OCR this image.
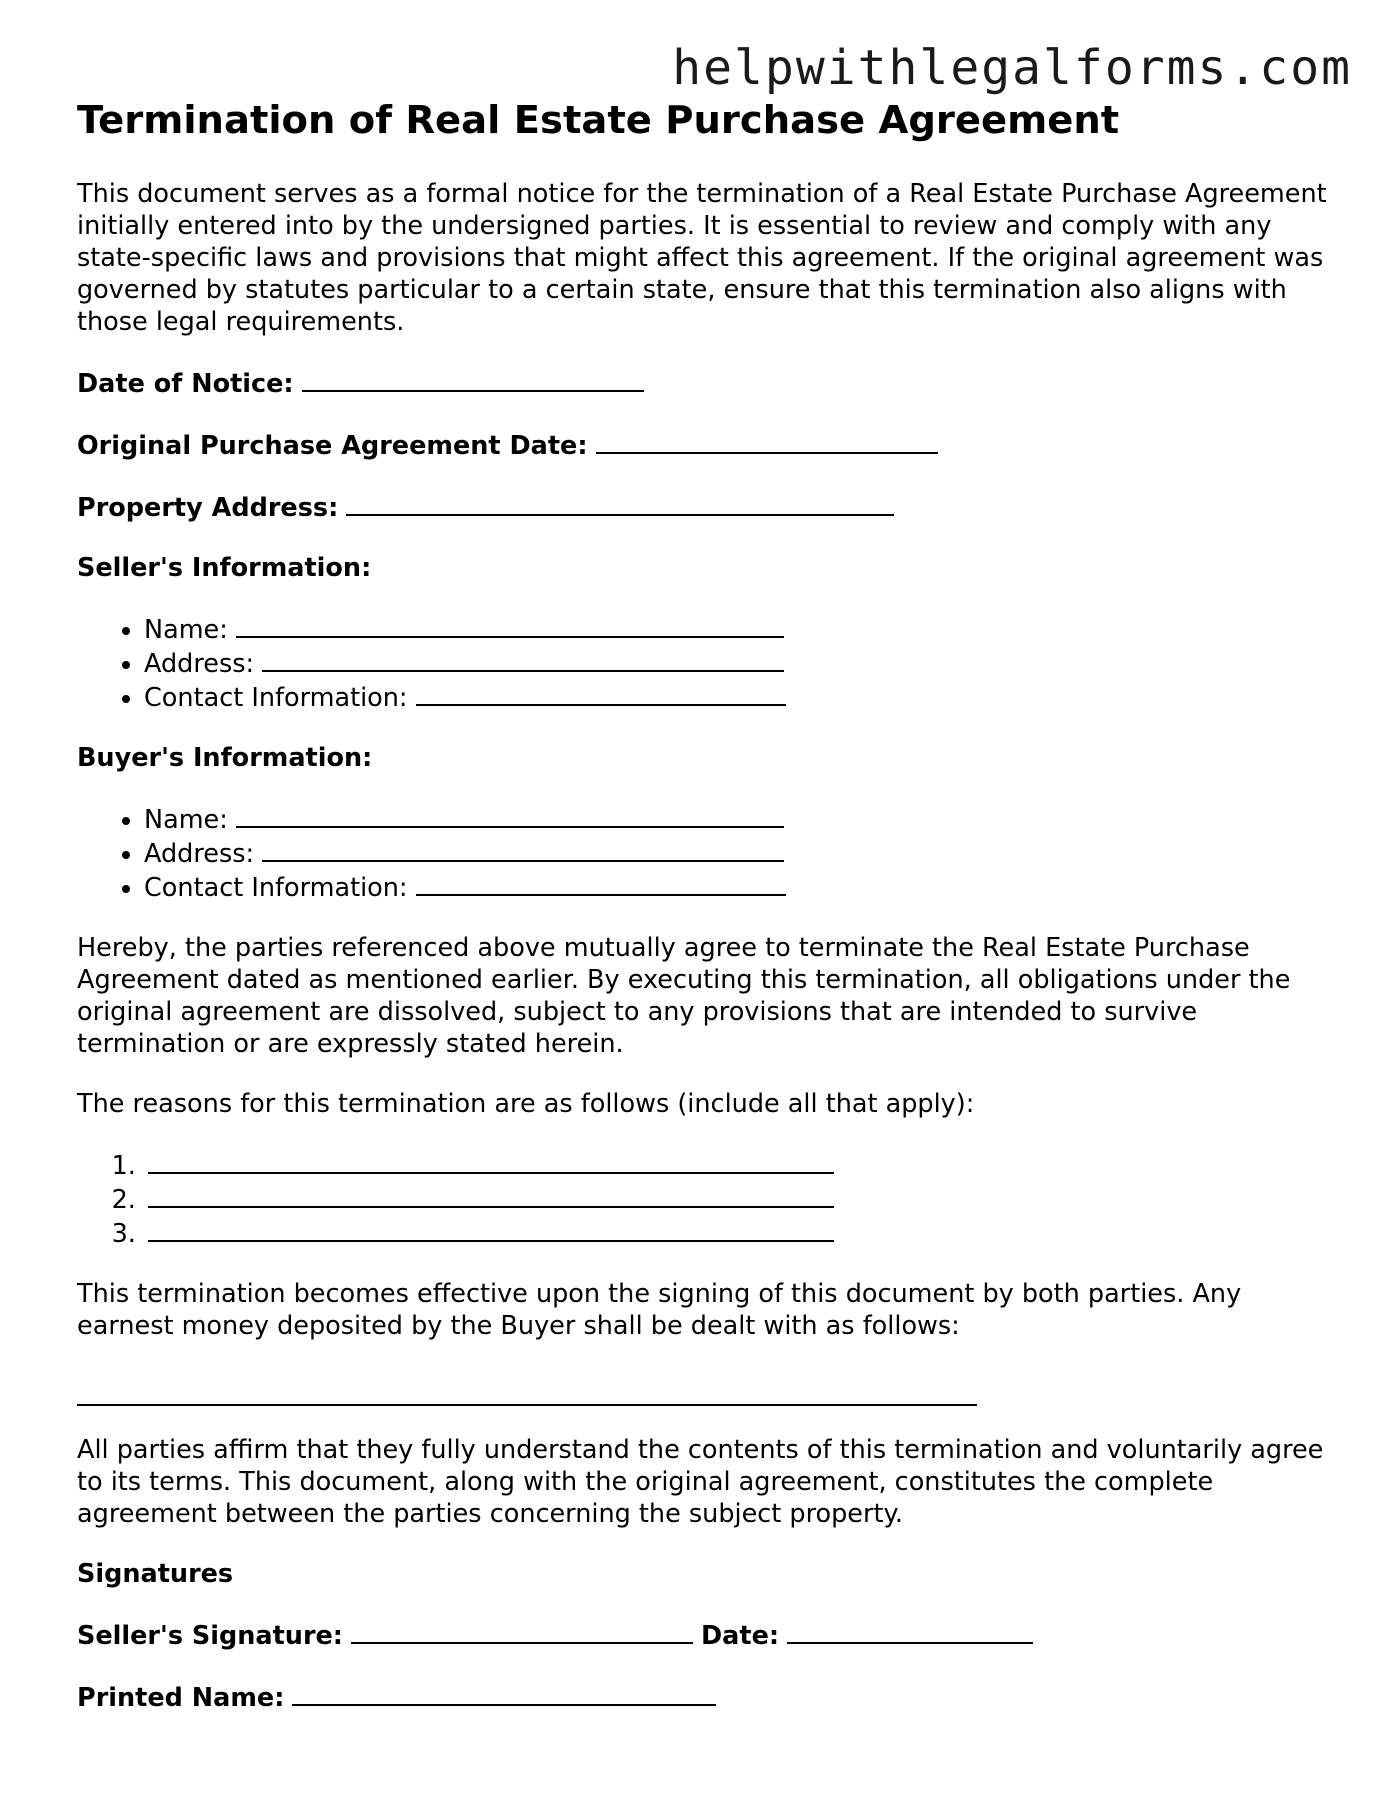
helpwithlegalforms.com
Termination of Real Estate Purchase Agreement

This document serves as a formal notice for the termination of a Real Estate Purchase Agreement initially entered into by the undersigned parties. It is essential to review and comply with any state-specific laws and provisions that might affect this agreement. If the original agreement was governed by statutes particular to a certain state, ensure that this termination also aligns with those legal requirements.

Date of Notice:
Original Purchase Agreement Date:
Property Address:
Seller's Information:
• Name:
• Address:
• Contact Information:
Buyer's Information:
• Name:
• Address:
• Contact Information:

Hereby, the parties referenced above mutually agree to terminate the Real Estate Purchase Agreement dated as mentioned earlier. By executing this termination, all obligations under the original agreement are dissolved, subject to any provisions that are intended to survive termination or are expressly stated herein.

The reasons for this termination are as follows (include all that apply):

1.
2.
3.

This termination becomes effective upon the signing of this document by both parties. Any earnest money deposited by the Buyer shall be dealt with as follows:

All parties affirm that they fully understand the contents of this termination and voluntarily agree to its terms. This document, along with the original agreement, constitutes the complete agreement between the parties concerning the subject property.

Signatures
Seller's Signature:	Date:
Printed Name:
